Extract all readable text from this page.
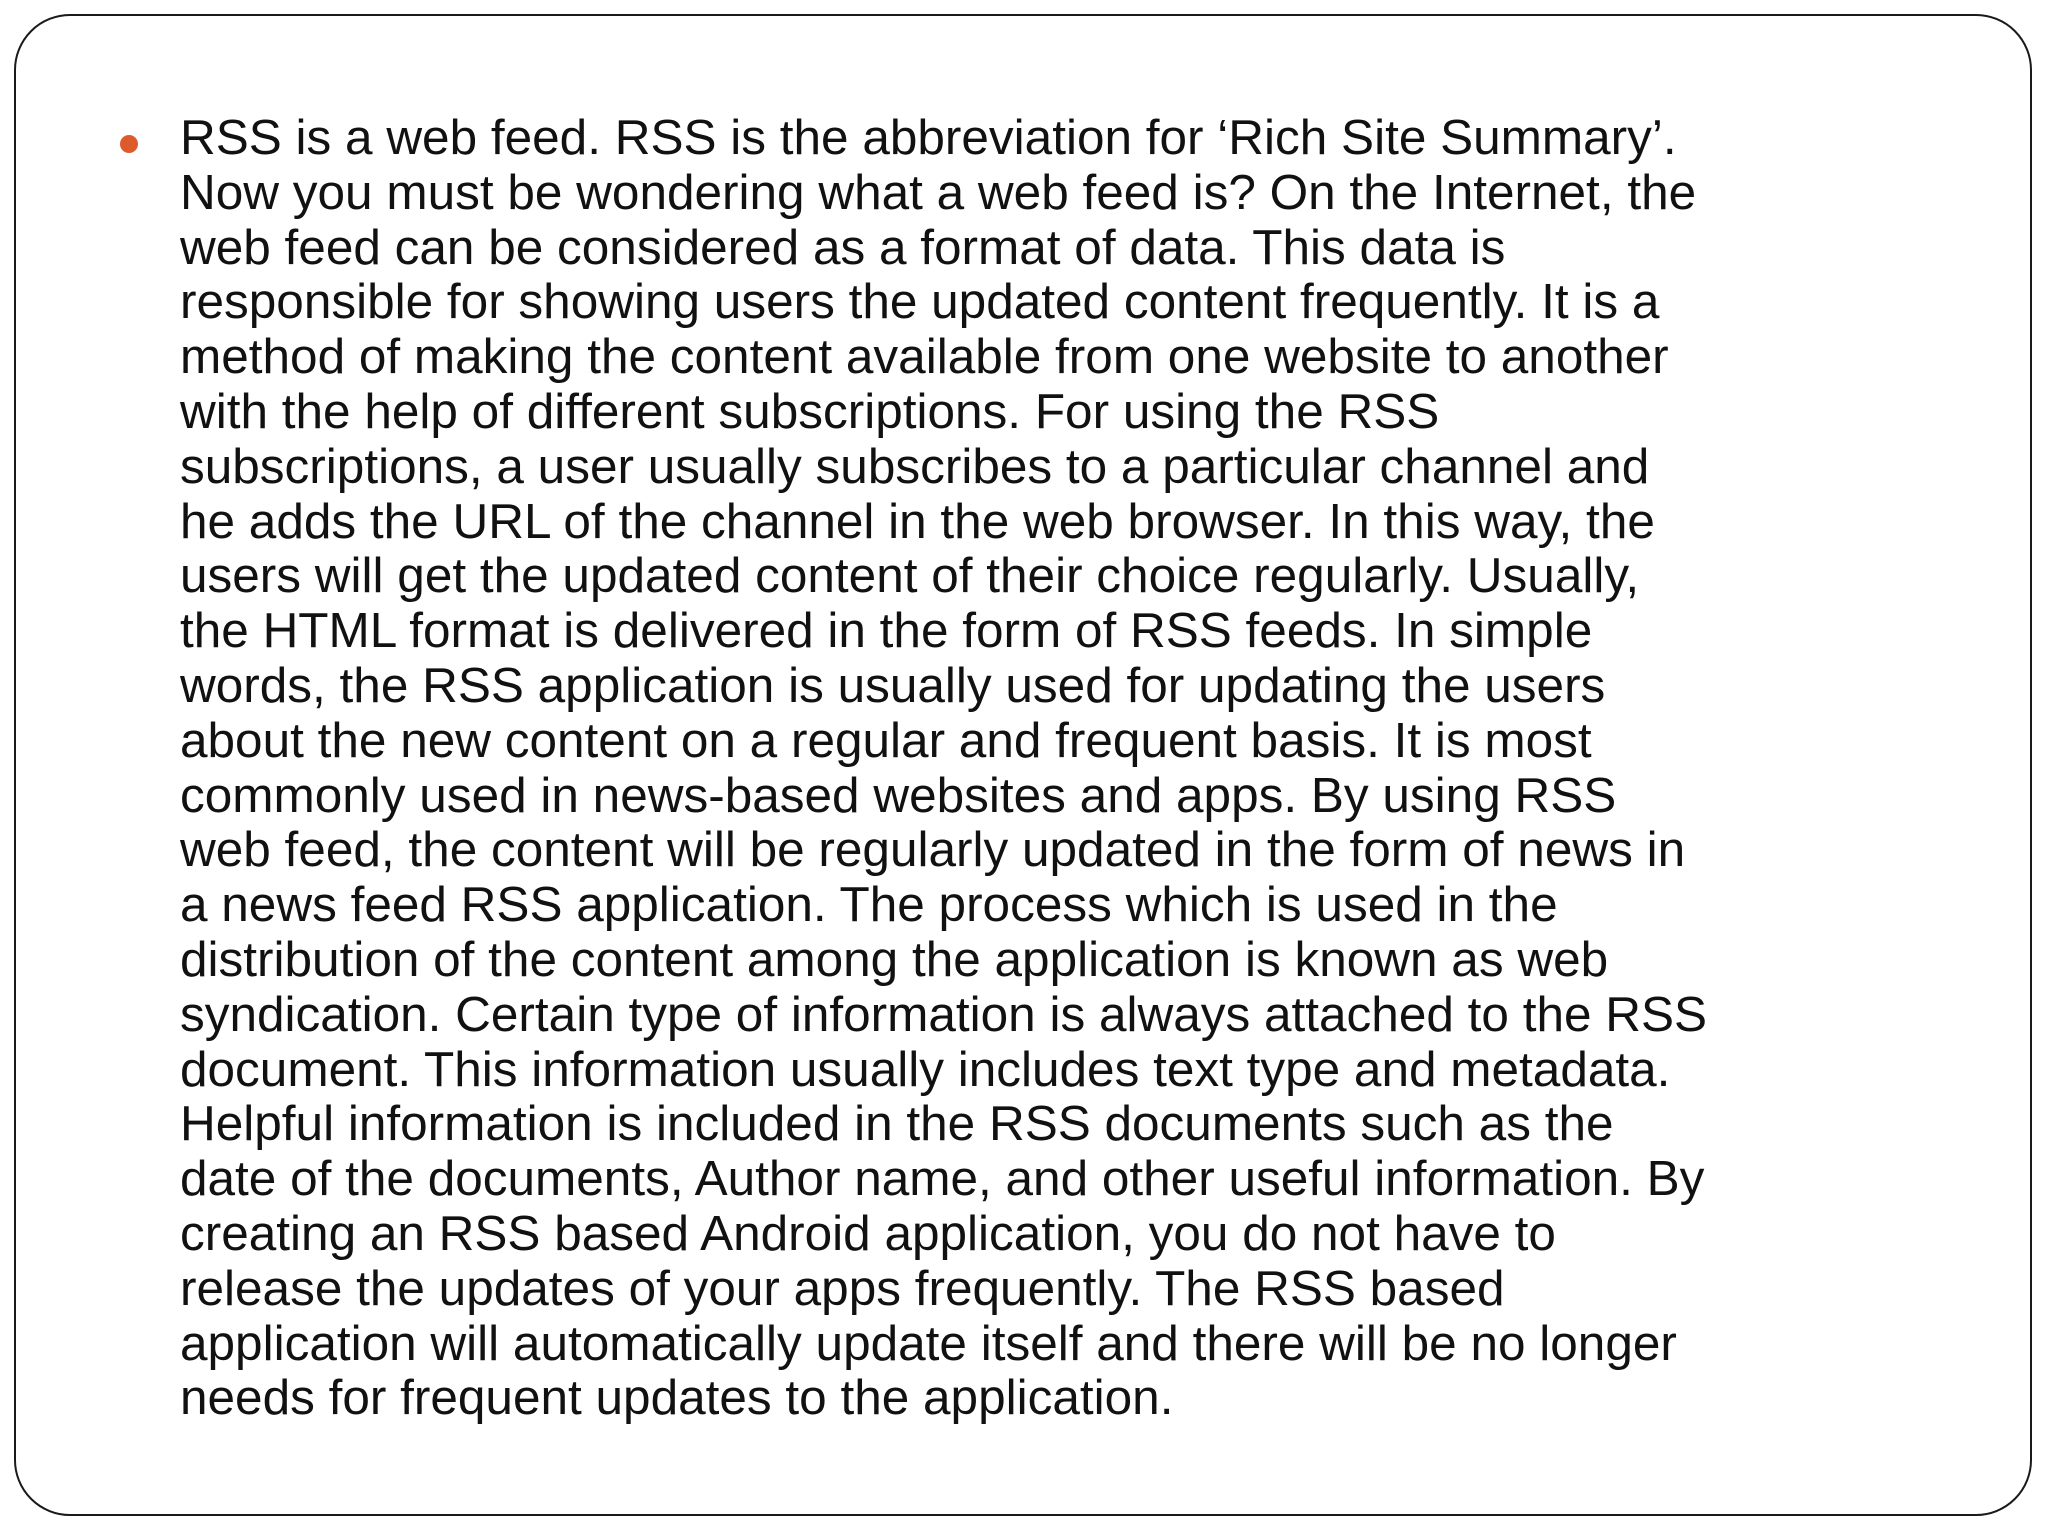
RSS is a web feed. RSS is the abbreviation for ‘Rich Site Summary’.
Now you must be wondering what a web feed is? On the Internet, the
web feed can be considered as a format of data. This data is
responsible for showing users the updated content frequently. It is a
method of making the content available from one website to another
with the help of different subscriptions. For using the RSS
subscriptions, a user usually subscribes to a particular channel and
he adds the URL of the channel in the web browser. In this way, the
users will get the updated content of their choice regularly. Usually,
the HTML format is delivered in the form of RSS feeds. In simple
words, the RSS application is usually used for updating the users
about the new content on a regular and frequent basis. It is most
commonly used in news-based websites and apps. By using RSS
web feed, the content will be regularly updated in the form of news in
a news feed RSS application. The process which is used in the
distribution of the content among the application is known as web
syndication. Certain type of information is always attached to the RSS
document. This information usually includes text type and metadata.
Helpful information is included in the RSS documents such as the
date of the documents, Author name, and other useful information. By
creating an RSS based Android application, you do not have to
release the updates of your apps frequently. The RSS based
application will automatically update itself and there will be no longer
needs for frequent updates to the application.
